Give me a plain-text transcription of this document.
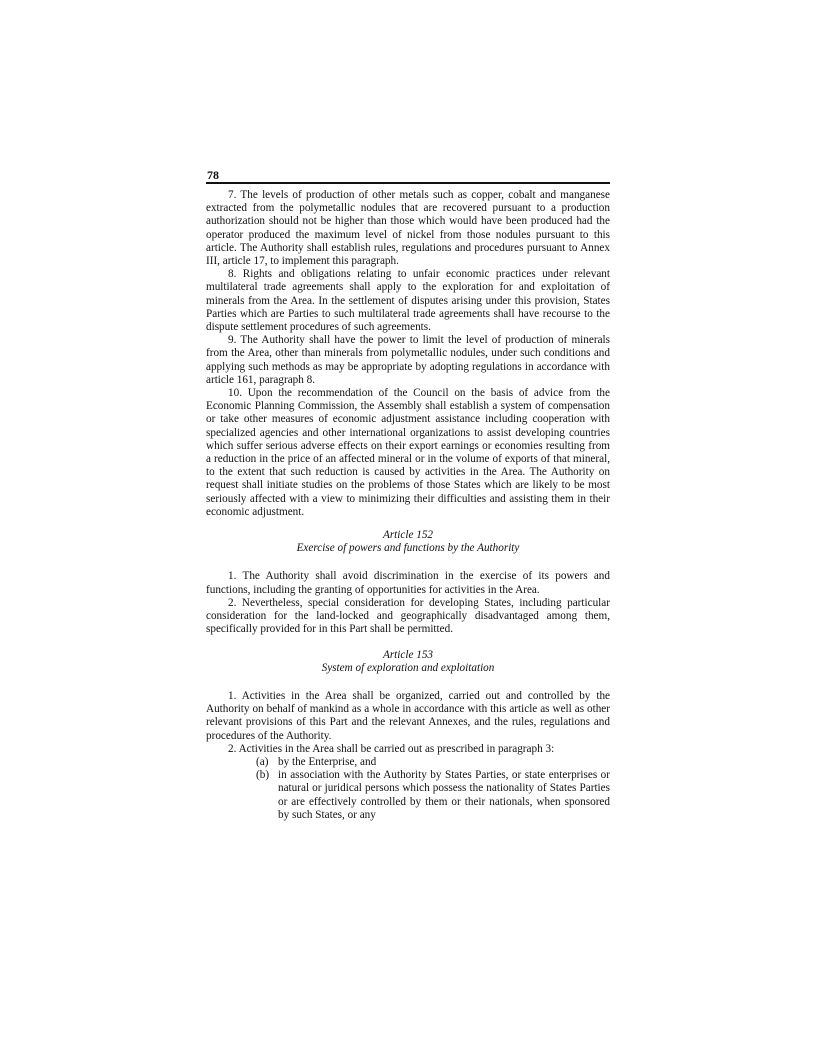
78

7. The levels of production of other metals such as copper, cobalt and manganese extracted from the polymetallic nodules that are recovered pursuant to a production authorization should not be higher than those which would have been produced had the operator produced the maximum level of nickel from those nodules pursuant to this article. The Authority shall establish rules, regulations and procedures pursuant to Annex III, article 17, to implement this paragraph.

8. Rights and obligations relating to unfair economic practices under relevant multilateral trade agreements shall apply to the exploration for and exploitation of minerals from the Area. In the settlement of disputes arising under this provision, States Parties which are Parties to such multilateral trade agreements shall have recourse to the dispute settlement procedures of such agreements.

9. The Authority shall have the power to limit the level of production of minerals from the Area, other than minerals from polymetallic nodules, under such conditions and applying such methods as may be appropriate by adopting regulations in accordance with article 161, paragraph 8.

10. Upon the recommendation of the Council on the basis of advice from the Economic Planning Commission, the Assembly shall establish a system of compensation or take other measures of economic adjustment assistance including cooperation with specialized agencies and other international organizations to assist developing countries which suffer serious adverse effects on their export earnings or economies resulting from a reduction in the price of an affected mineral or in the volume of exports of that mineral, to the extent that such reduction is caused by activities in the Area. The Authority on request shall initiate studies on the problems of those States which are likely to be most seriously affected with a view to minimizing their difficulties and assisting them in their economic adjustment.

Article 152
Exercise of powers and functions by the Authority

1. The Authority shall avoid discrimination in the exercise of its powers and functions, including the granting of opportunities for activities in the Area.

2. Nevertheless, special consideration for developing States, including particular consideration for the land-locked and geographically disadvantaged among them, specifically provided for in this Part shall be permitted.

Article 153
System of exploration and exploitation

1. Activities in the Area shall be organized, carried out and controlled by the Authority on behalf of mankind as a whole in accordance with this article as well as other relevant provisions of this Part and the relevant Annexes, and the rules, regulations and procedures of the Authority.

2. Activities in the Area shall be carried out as prescribed in paragraph 3:

(a) by the Enterprise, and
(b) in association with the Authority by States Parties, or state enterprises or natural or juridical persons which possess the nationality of States Parties or are effectively controlled by them or their nationals, when sponsored by such States, or any
